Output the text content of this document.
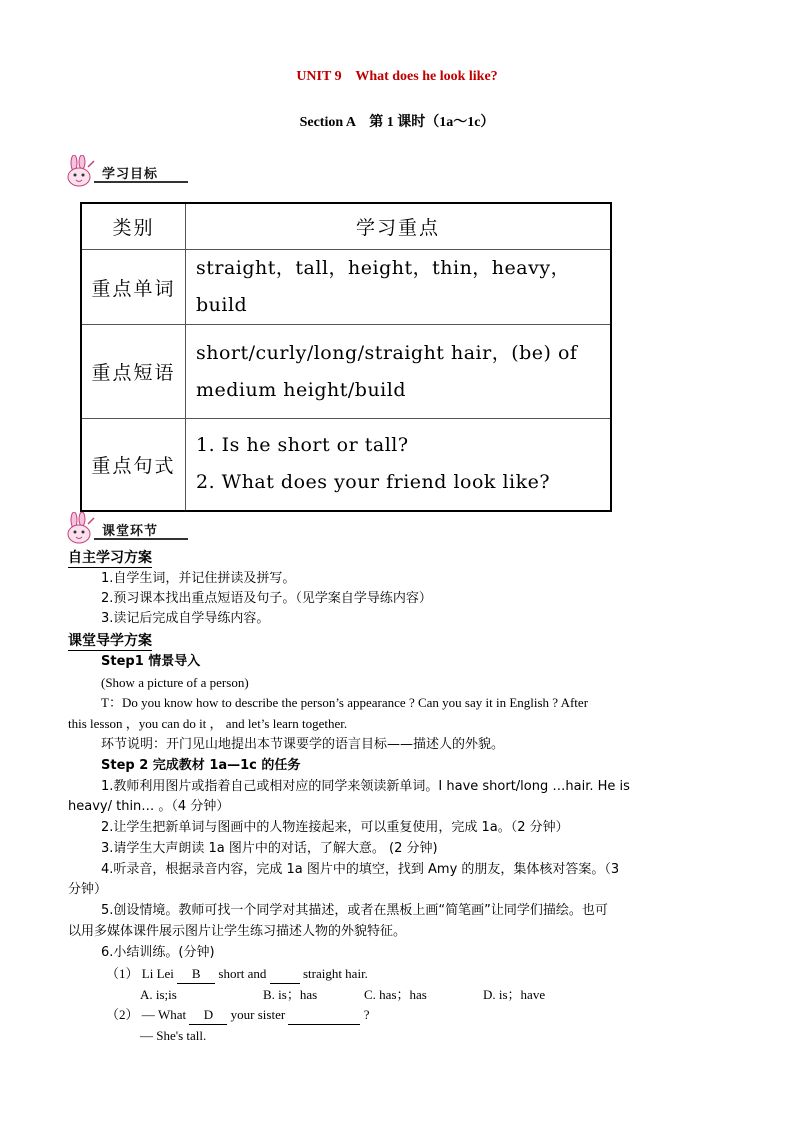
UNIT 9    What does he look like?
Section A    第 1 课时（1a～1c）
学习目标
类别	学习重点
重点单词	straight，tall，height，thin，heavy，build

重点短语	short/curly/long/straight hair，(be) of
medium height/build

重点句式	1. Is he short or tall?
2. What does your friend look like?
课堂环节
自主学习方案
1.自学生词，并记住拼读及拼写。
2.预习课本找出重点短语及句子。（见学案自学导练内容）
3.读记后完成自学导练内容。
课堂导学方案
Step1 情景导入
(Show a picture of a person)
T：Do you know how to describe the person’s appearance ? Can you say it in English ? After
this lesson ，you can do it ， and let’s learn together.
环节说明：开门见山地提出本节课要学的语言目标——描述人的外貌。
Step 2 完成教材 1a—1c 的任务
1.教师利用图片或指着自己或相对应的同学来领读新单词。I have short/long …hair. He is
heavy/ thin… 。（4 分钟）
2.让学生把新单词与图画中的人物连接起来，可以重复使用，完成 1a。（2 分钟）
3.请学生大声朗读 1a 图片中的对话，了解大意。 (2 分钟)
4.听录音，根据录音内容，完成 1a 图片中的填空，找到 Amy 的朋友，集体核对答案。（3
分钟）
5.创设情境。教师可找一个同学对其描述，或者在黑板上画“简笔画”让同学们描绘。也可
以用多媒体课件展示图片让学生练习描述人物的外貌特征。
6.小结训练。(分钟)
（1） Li Lei B short and	straight hair.
A. is;is	B. is；has	C. has；has	D. is；have
（2） — What D your sister	?
— She's tall.
